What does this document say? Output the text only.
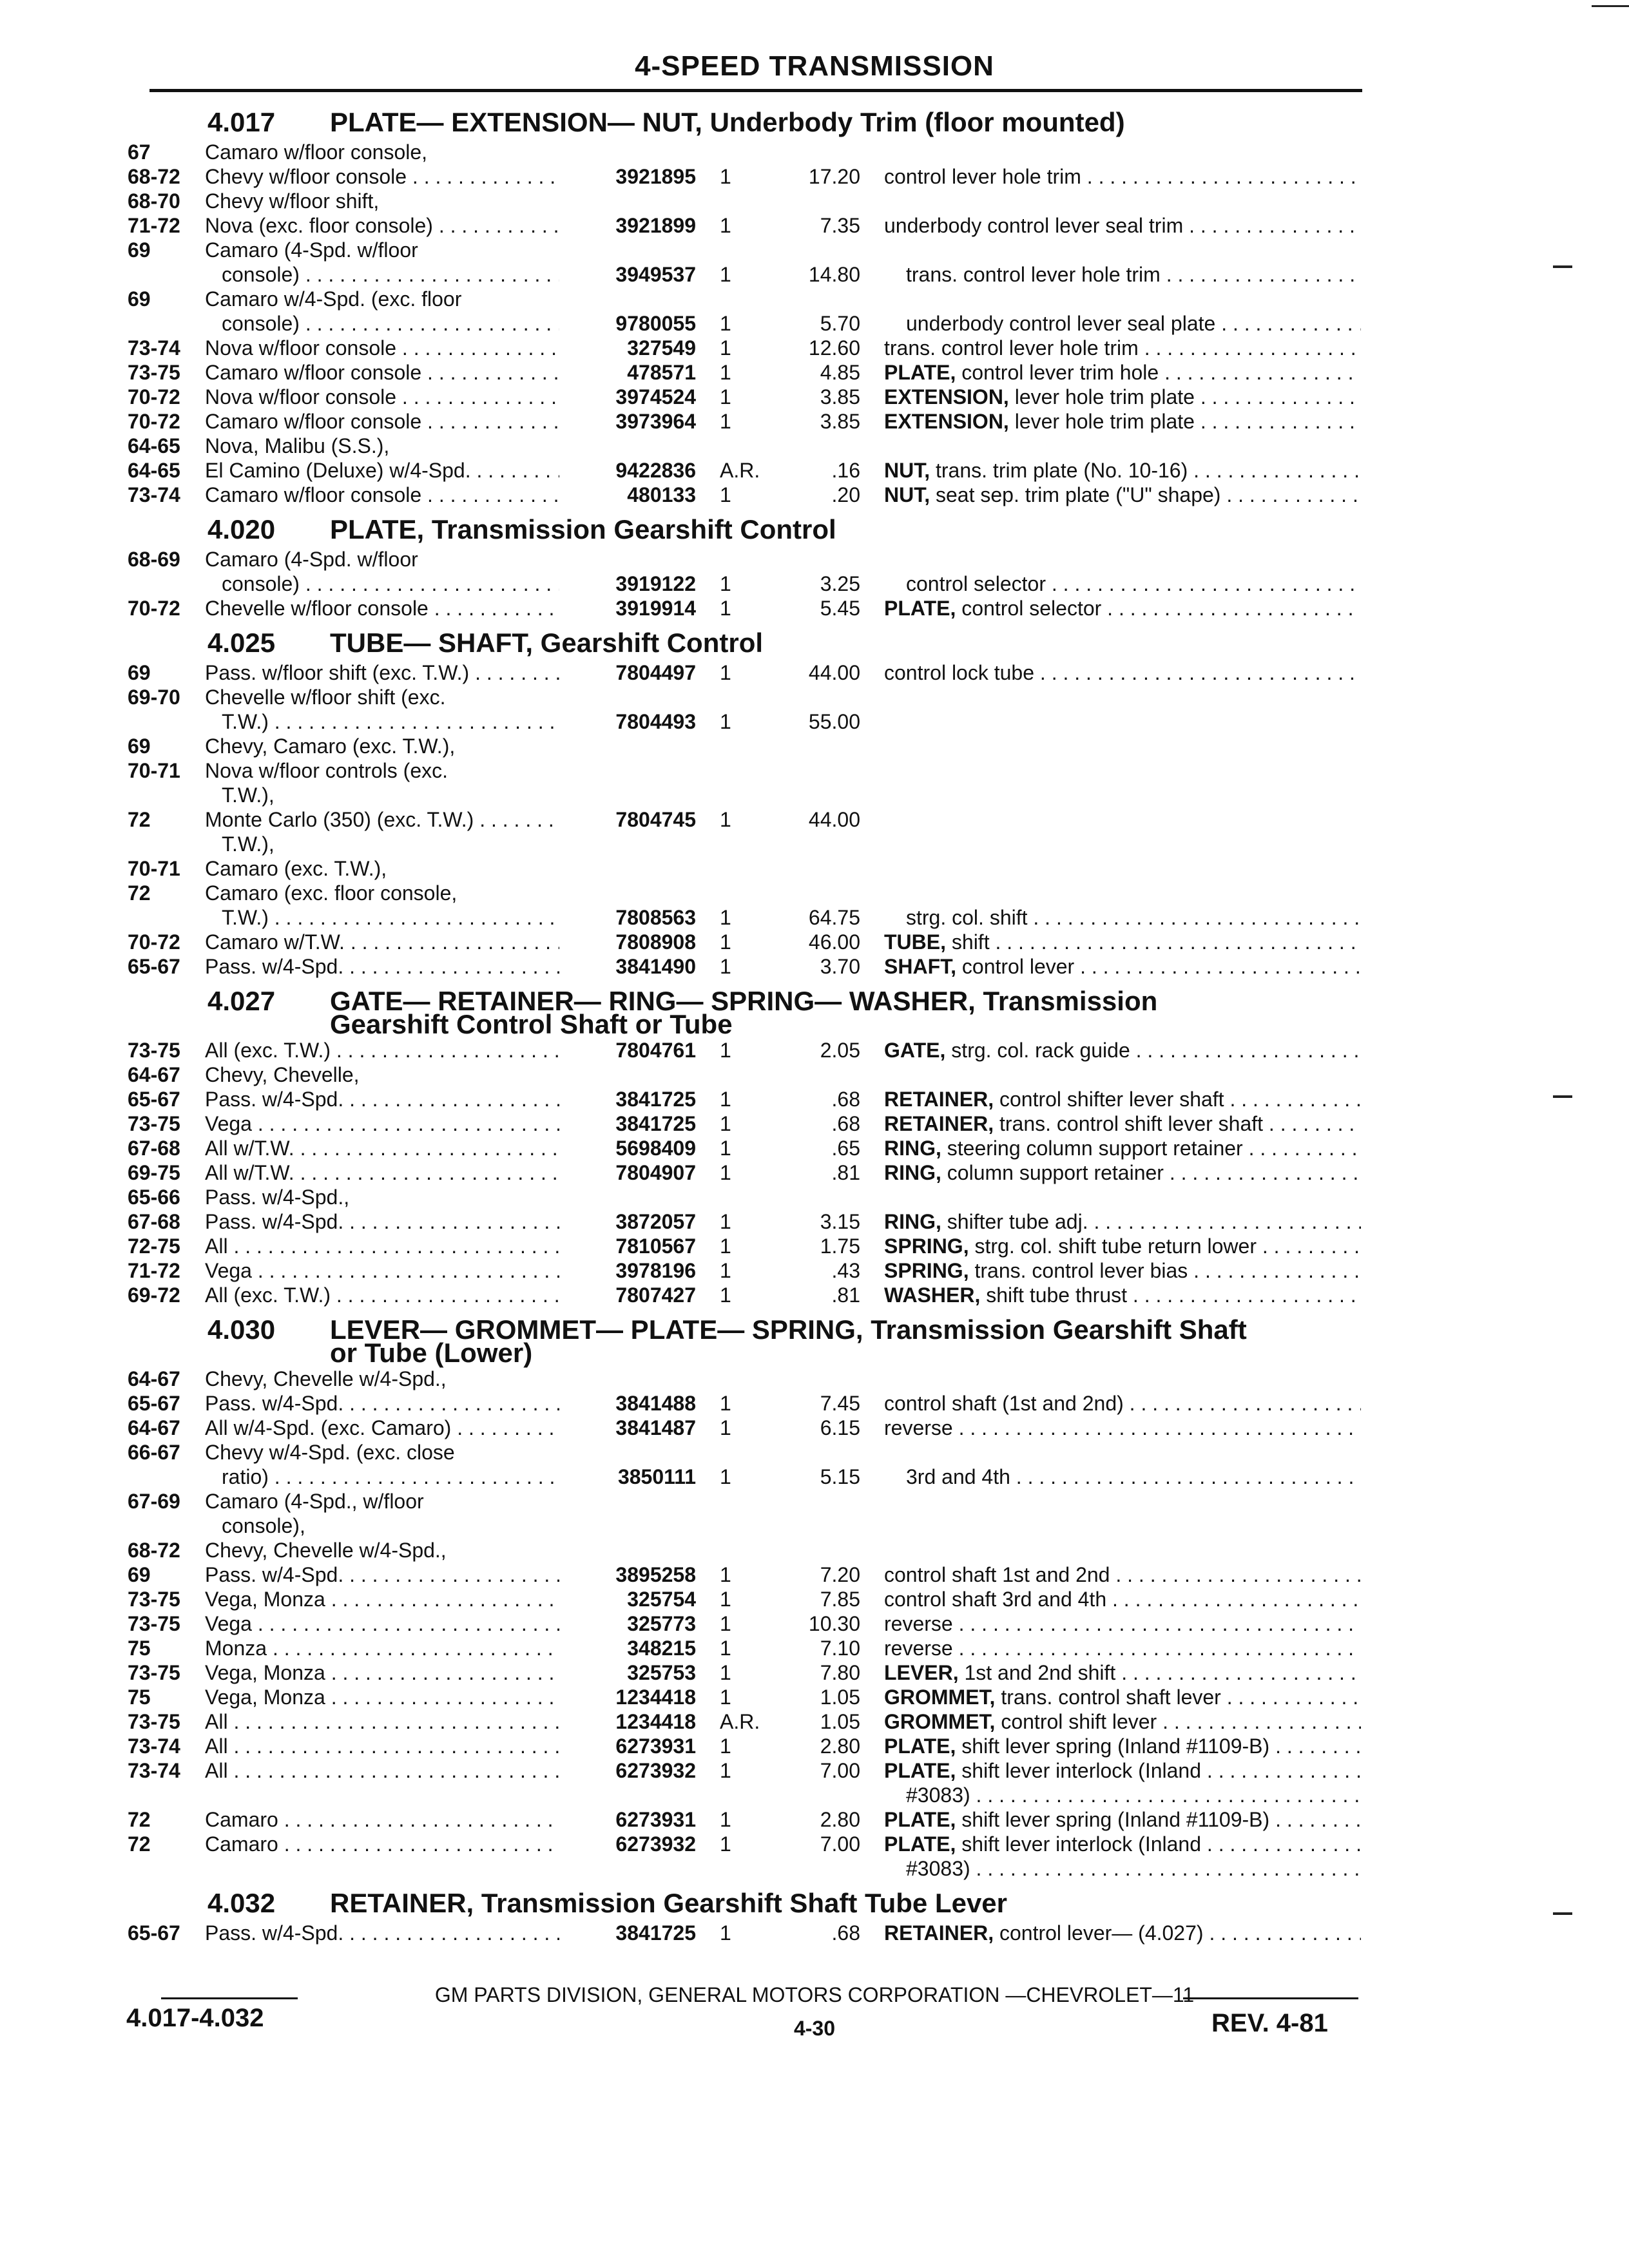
4-SPEED TRANSMISSION
4.017 PLATE— EXTENSION— NUT, Underbody Trim (floor mounted)
67	Camaro w/floor console,
68-72	Chevy w/floor console . . .	3921895	1	17.20 control lever hole trim . . .
68-70	Chevy w/floor shift,
71-72	Nova (exc. floor console) . . .	3921899	1	7.35 underbody control lever seal trim . . .
69	Camaro (4-Spd. w/floor
console) . . .	3949537	1	14.80	trans. control lever hole trim . . .
69	Camaro w/4-Spd. (exc. floor
console) . . .	9780055	1	5.70	underbody control lever seal plate . . .
73-74	Nova w/floor console . . .	327549	1	12.60 trans. control lever hole trim . . .
73-75	Camaro w/floor console . . .	478571	1	4.85 PLATE, control lever trim hole . . .
70-72	Nova w/floor console . . .	3974524	1	3.85 EXTENSION, lever hole trim plate . . .
70-72	Camaro w/floor console . . .	3973964	1	3.85 EXTENSION, lever hole trim plate . . .
64-65	Nova, Malibu (S.S.),
64-65	El Camino (Deluxe) w/4-Spd. . . .	9422836	A.R.	.16 NUT, trans. trim plate (No. 10-16) . . .
73-74	Camaro w/floor console . . .	480133	1	.20 NUT, seat sep. trim plate ("U" shape) . . .
4.020 PLATE, Transmission Gearshift Control
68-69	Camaro (4-Spd. w/floor
console) . . .	3919122	1	3.25	control selector . . .
70-72	Chevelle w/floor console . . .	3919914	1	5.45 PLATE, control selector . . .
4.025 TUBE— SHAFT, Gearshift Control
69	Pass. w/floor shift (exc. T.W.) . . .	7804497	1	44.00 control lock tube . . .
69-70	Chevelle w/floor shift (exc.
T.W.) . . .	7804493	1	55.00
69	Chevy, Camaro (exc. T.W.),
70-71	Nova w/floor controls (exc.
T.W.),
72	Monte Carlo (350) (exc. T.W.) . . .	7804745	1	44.00
T.W.),
70-71	Camaro (exc. T.W.),
72	Camaro (exc. floor console,
T.W.) . . .	7808563	1	64.75	strg. col. shift . . .
70-72	Camaro w/T.W. . . .	7808908	1	46.00 TUBE, shift . . .
65-67	Pass. w/4-Spd. . . .	3841490	1	3.70 SHAFT, control lever . . .
4.027 GATE— RETAINER— RING— SPRING— WASHER, Transmission
Gearshift Control Shaft or Tube
73-75	All (exc. T.W.) . . .	7804761	1	2.05 GATE, strg. col. rack guide . . .
64-67	Chevy, Chevelle,
65-67	Pass. w/4-Spd. . . .	3841725	1	.68 RETAINER, control shifter lever shaft . . .
73-75	Vega . . .	3841725	1	.68 RETAINER, trans. control shift lever shaft . . .
67-68	All w/T.W. . . .	5698409	1	.65 RING, steering column support retainer . . .
69-75	All w/T.W. . . .	7804907	1	.81 RING, column support retainer . . .
65-66	Pass. w/4-Spd.,
67-68	Pass. w/4-Spd. . . .	3872057	1	3.15 RING, shifter tube adj. . . .
72-75	All . . .	7810567	1	1.75 SPRING, strg. col. shift tube return lower . . .
71-72	Vega . . .	3978196	1	.43 SPRING, trans. control lever bias . . .
69-72	All (exc. T.W.) . . .	7807427	1	.81 WASHER, shift tube thrust . . .
4.030 LEVER— GROMMET— PLATE— SPRING, Transmission Gearshift Shaft
or Tube (Lower)
64-67	Chevy, Chevelle w/4-Spd.,
65-67	Pass. w/4-Spd. . . .	3841488	1	7.45 control shaft (1st and 2nd) . . .
64-67	All w/4-Spd. (exc. Camaro) . . .	3841487	1	6.15 reverse . . .
66-67	Chevy w/4-Spd. (exc. close
ratio) . . .	3850111	1	5.15	3rd and 4th . . .
67-69	Camaro (4-Spd., w/floor
console),
68-72	Chevy, Chevelle w/4-Spd.,
69	Pass. w/4-Spd. . . .	3895258	1	7.20 control shaft 1st and 2nd . . .
73-75	Vega, Monza . . .	325754	1	7.85 control shaft 3rd and 4th . . .
73-75	Vega . . .	325773	1	10.30 reverse . . .
75	Monza . . .	348215	1	7.10 reverse . . .
73-75	Vega, Monza . . .	325753	1	7.80 LEVER, 1st and 2nd shift . . .
75	Vega, Monza . . .	1234418	1	1.05 GROMMET, trans. control shaft lever . . .
73-75	All . . .	1234418	A.R.	1.05 GROMMET, control shift lever . . .
73-74	All . . .	6273931	1	2.80 PLATE, shift lever spring (Inland #1109-B) . . .
73-74	All . . .	6273932	1	7.00 PLATE, shift lever interlock (Inland . . .
#3083) . . .
72	Camaro . . .	6273931	1	2.80 PLATE, shift lever spring (Inland #1109-B) . . .
72	Camaro . . .	6273932	1	7.00 PLATE, shift lever interlock (Inland . . .
#3083) . . .
4.032 RETAINER, Transmission Gearshift Shaft Tube Lever
65-67	Pass. w/4-Spd. . . .	3841725	1	.68 RETAINER, control lever— (4.027) . . .
GM PARTS DIVISION, GENERAL MOTORS CORPORATION —CHEVROLET—11
4.017-4.032	4-30	REV. 4-81
